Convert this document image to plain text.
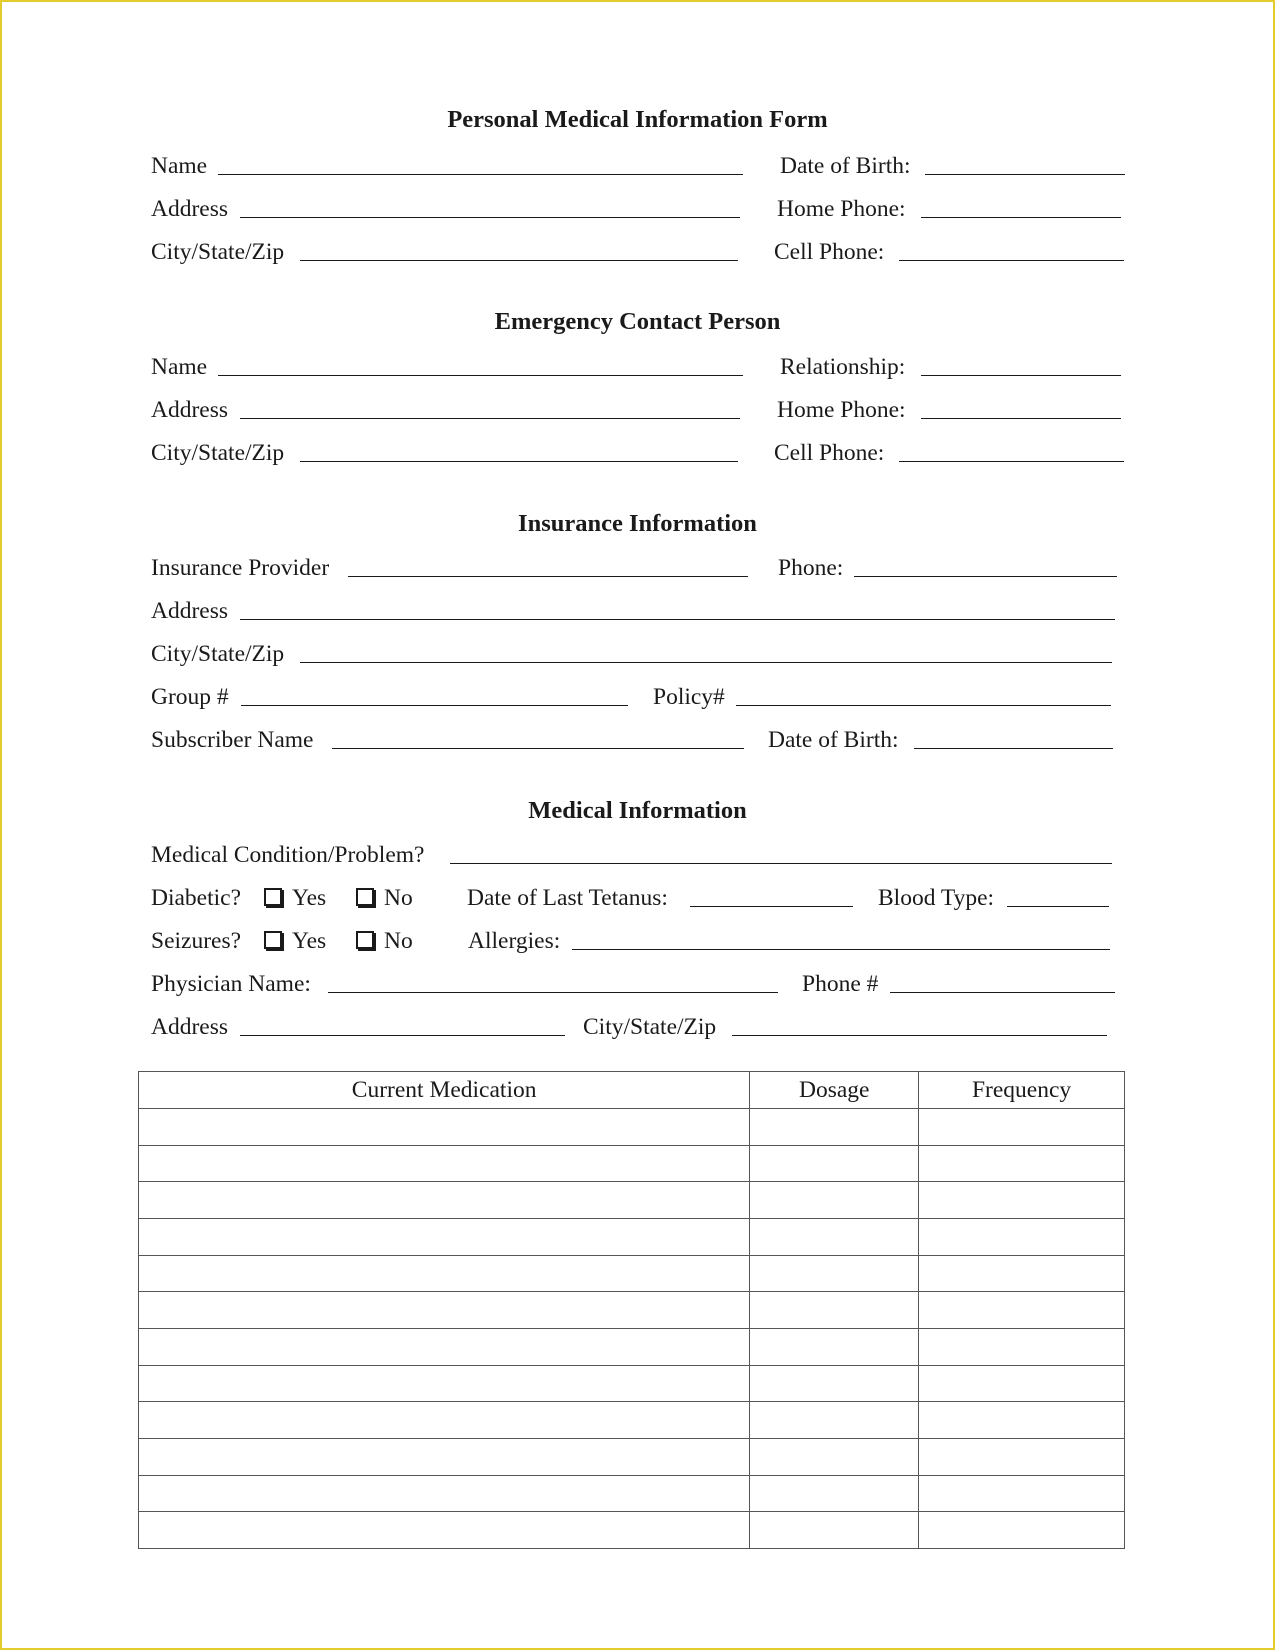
Personal Medical Information Form
Name	Date of Birth:
Address	Home Phone:
City/State/Zip	Cell Phone:
Emergency Contact Person
Name	Relationship:
Address	Home Phone:
City/State/Zip	Cell Phone:
Insurance Information
Insurance Provider	Phone:
Address
City/State/Zip
Group #	Policy#
Subscriber Name	Date of Birth:
Medical Information
Medical Condition/Problem?
Diabetic?	Yes	No Date of Last Tetanus:	Blood Type:
Seizures?	Yes	No Allergies:
Physician Name:	Phone #
Address	City/State/Zip
Current Medication	Dosage	Frequency
